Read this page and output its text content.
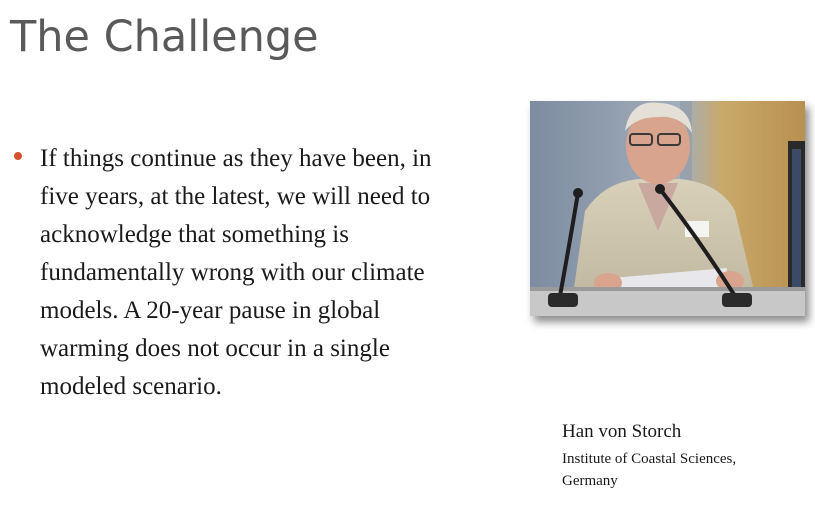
The Challenge
If things continue as they have been, in five years, at the latest, we will need to acknowledge that something is fundamentally wrong with our climate models. A 20-year pause in global warming does not occur in a single modeled scenario.
Han von Storch
Institute of Coastal Sciences, Germany
